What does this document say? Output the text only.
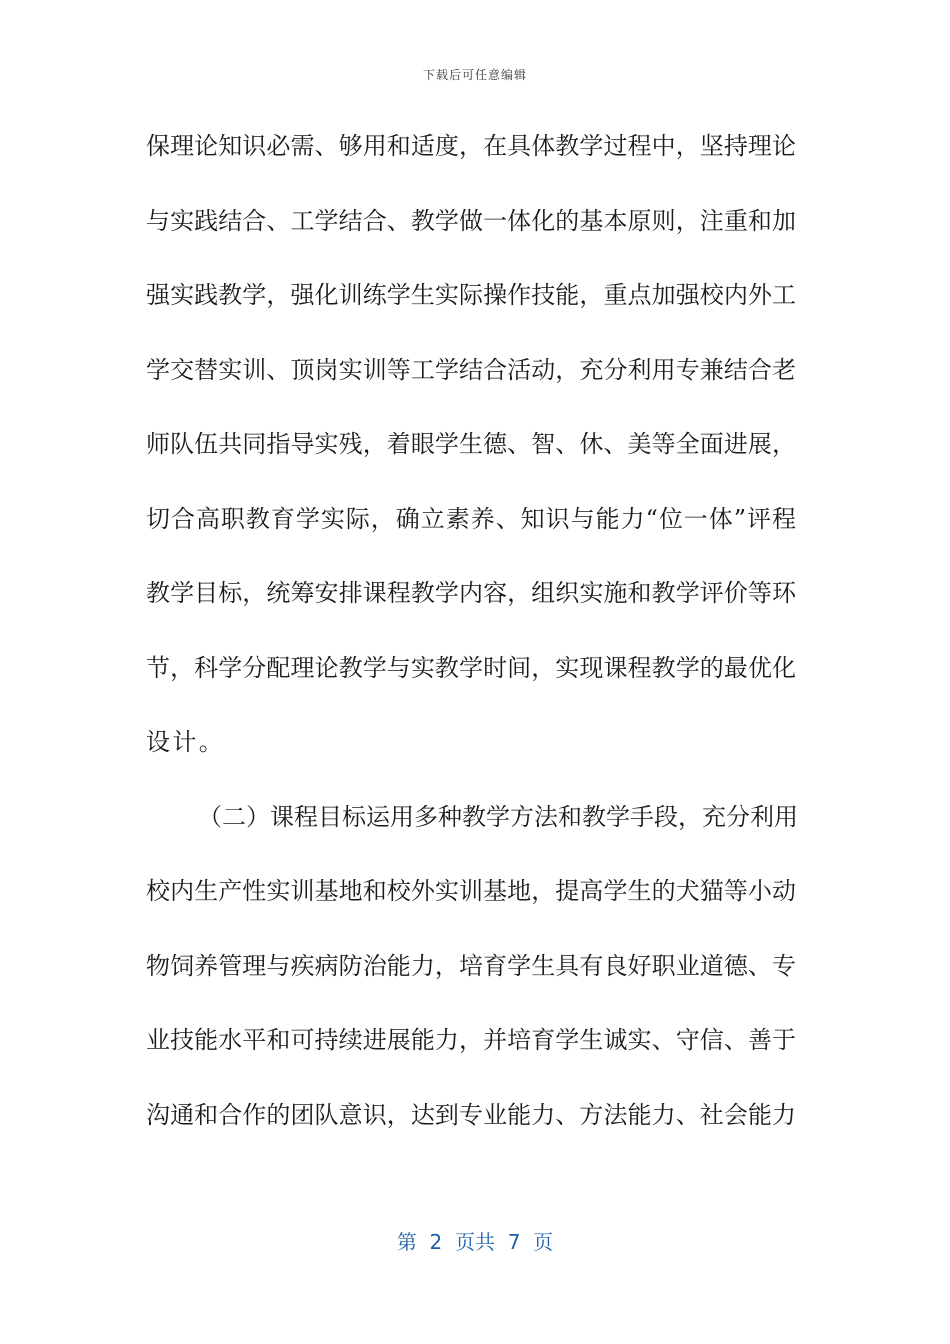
下载后可任意编辑
保理论知识必需、够用和适度，在具体教学过程中，坚持理论
与实践结合、工学结合、教学做一体化的基本原则，注重和加
强实践教学，强化训练学生实际操作技能，重点加强校内外工
学交替实训、顶岗实训等工学结合活动，充分利用专兼结合老
师队伍共同指导实残，着眼学生德、智、休、美等全面进展，
切合高职教育学实际，确立素养、知识与能力“位一体”评程
教学目标，统筹安排课程教学内容，组织实施和教学评价等环
节，科学分配理论教学与实教学时间，实现课程教学的最优化
设计。
（二）课程目标运用多种教学方法和教学手段，充分利用
校内生产性实训基地和校外实训基地，提高学生的犬猫等小动
物饲养管理与疾病防治能力，培育学生具有良好职业道德、专
业技能水平和可持续进展能力，并培育学生诚实、守信、善于
沟通和合作的团队意识，达到专业能力、方法能力、社会能力
第  2  页共  7  页
